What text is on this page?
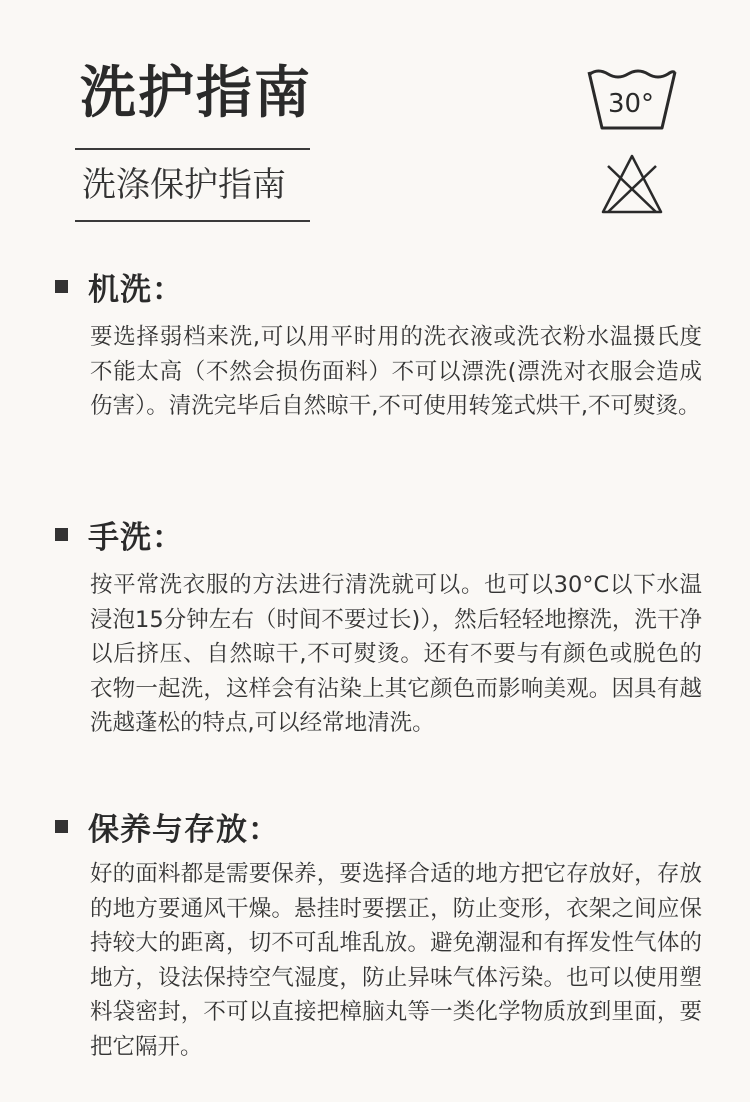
洗护指南
洗涤保护指南
30°
机洗：

要选择弱档来洗,可以用平时用的洗衣液或洗衣粉水温摄氏度不能太高（不然会损伤面料）不可以漂洗(漂洗对衣服会造成伤害）。清洗完毕后自然晾干,不可使用转笼式烘干,不可熨烫。

手洗：

按平常洗衣服的方法进行清洗就可以。也可以30°C以下水温浸泡15分钟左右（时间不要过长)），然后轻轻地擦洗，洗干净以后挤压、自然晾干,不可熨烫。还有不要与有颜色或脱色的衣物一起洗，这样会有沾染上其它颜色而影响美观。因具有越洗越蓬松的特点,可以经常地清洗。

保养与存放：

好的面料都是需要保养，要选择合适的地方把它存放好，存放的地方要通风干燥。悬挂时要摆正，防止变形，衣架之间应保持较大的距离，切不可乱堆乱放。避免潮湿和有挥发性气体的地方，设法保持空气湿度，防止异味气体污染。也可以使用塑料袋密封，不可以直接把樟脑丸等一类化学物质放到里面，要把它隔开。
